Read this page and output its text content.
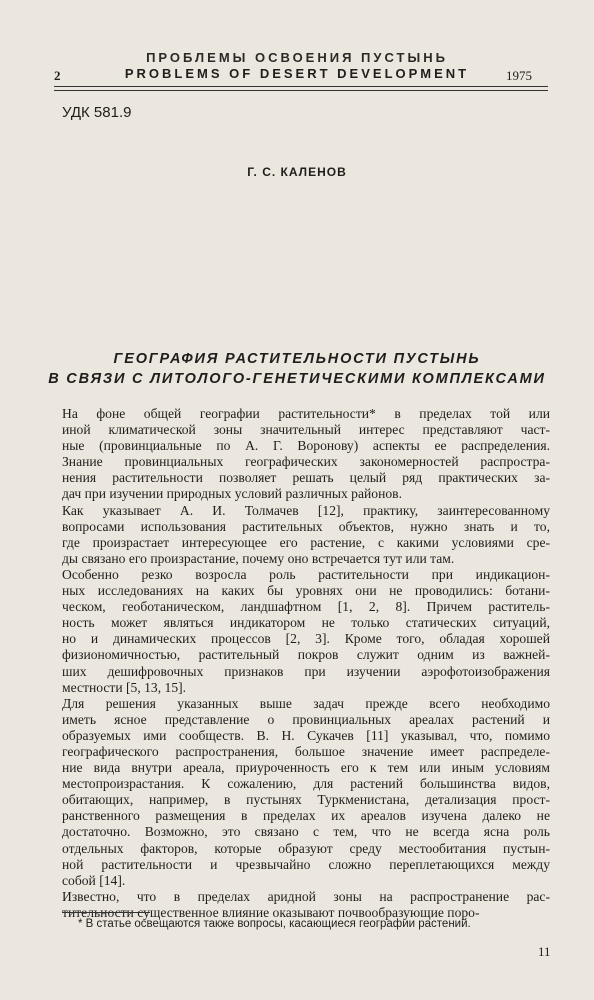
ПРОБЛЕМЫ ОСВОЕНИЯ ПУСТЫНЬ
2	PROBLEMS OF DESERT DEVELOPMENT	1975
УДК 581.9
Г. С. КАЛЕНОВ
ГЕОГРАФИЯ РАСТИТЕЛЬНОСТИ ПУСТЫНЬ
В СВЯЗИ С ЛИТОЛОГО-ГЕНЕТИЧЕСКИМИ КОМПЛЕКСАМИ

На фоне общей географии растительности* в пределах той или
иной климатической зоны значительный интерес представляют част-
ные (провинциальные по А. Г. Воронову) аспекты ее распределения.
Знание провинциальных географических закономерностей распростра-
нения растительности позволяет решать целый ряд практических за-
дач при изучении природных условий различных районов.

Как указывает А. И. Толмачев [12], практику, заинтересованному
вопросами использования растительных объектов, нужно знать и то,
где произрастает интересующее его растение, с какими условиями сре-
ды связано его произрастание, почему оно встречается тут или там.

Особенно резко возросла роль растительности при индикацион-
ных исследованиях на каких бы уровнях они не проводились: ботани-
ческом, геоботаническом, ландшафтном [1, 2, 8]. Причем раститель-
ность может являться индикатором не только статических ситуаций,
но и динамических процессов [2, 3]. Кроме того, обладая хорошей
физиономичностью, растительный покров служит одним из важней-
ших дешифровочных признаков при изучении аэрофотоизображения
местности [5, 13, 15].

Для решения указанных выше задач прежде всего необходимо
иметь ясное представление о провинциальных ареалах растений и
образуемых ими сообществ. В. Н. Сукачев [11] указывал, что, помимо
географического распространения, большое значение имеет распределе-
ние вида внутри ареала, приуроченность его к тем или иным условиям
местопроизрастания. К сожалению, для растений большинства видов,
обитающих, например, в пустынях Туркменистана, детализация прост-
ранственного размещения в пределах их ареалов изучена далеко не
достаточно. Возможно, это связано с тем, что не всегда ясна роль
отдельных факторов, которые образуют среду местообитания пустын-
ной растительности и чрезвычайно сложно переплетающихся между
собой [14].

Известно, что в пределах аридной зоны на распространение рас-
тительности существенное влияние оказывают почвообразующие поро-

* В статье освещаются также вопросы, касающиеся географии растений.
11
